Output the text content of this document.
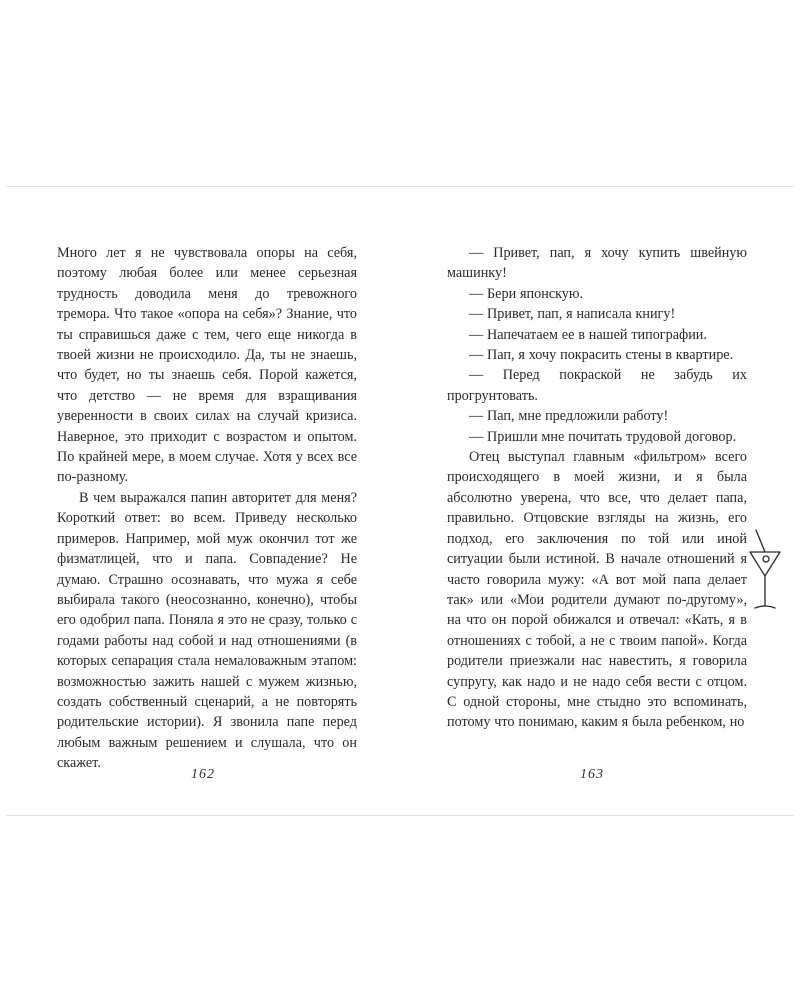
Много лет я не чувствовала опоры на себя, поэтому любая более или менее серьезная трудность доводила меня до тревожного тремора. Что такое «опора на себя»? Знание, что ты справишься даже с тем, чего еще никогда в твоей жизни не происходило. Да, ты не знаешь, что будет, но ты знаешь себя. Порой кажется, что детство — не время для взращивания уверенности в своих силах на случай кризиса. Наверное, это приходит с возрастом и опытом. По крайней мере, в моем случае. Хотя у всех все по-разному.

В чем выражался папин авторитет для меня? Короткий ответ: во всем. Приведу несколько примеров. Например, мой муж окончил тот же физматлицей, что и папа. Совпадение? Не думаю. Страшно осознавать, что мужа я себе выбирала такого (неосознанно, конечно), чтобы его одобрил папа. Поняла я это не сразу, только с годами работы над собой и над отношениями (в которых сепарация стала немаловажным этапом: возможностью зажить нашей с мужем жизнью, создать собственный сценарий, а не повторять родительские истории). Я звонила папе перед любым важным решением и слушала, что он скажет.

— Привет, пап, я хочу купить швейную машинку!

— Бери японскую.

— Привет, пап, я написала книгу!

— Напечатаем ее в нашей типографии.

— Пап, я хочу покрасить стены в квартире.

— Перед покраской не забудь их прогрунтовать.

— Пап, мне предложили работу!

— Пришли мне почитать трудовой договор.

Отец выступал главным «фильтром» всего происходящего в моей жизни, и я была абсолютно уверена, что все, что делает папа, правильно. Отцовские взгляды на жизнь, его подход, его заключения по той или иной ситуации были истиной. В начале отношений я часто говорила мужу: «А вот мой папа делает так» или «Мои родители думают по-другому», на что он порой обижался и отвечал: «Кать, я в отношениях с тобой, а не с твоим папой». Когда родители приезжали нас навестить, я говорила супругу, как надо и не надо себя вести с отцом. С одной стороны, мне стыдно это вспоминать, потому что понимаю, каким я была ребенком, но

162	163
